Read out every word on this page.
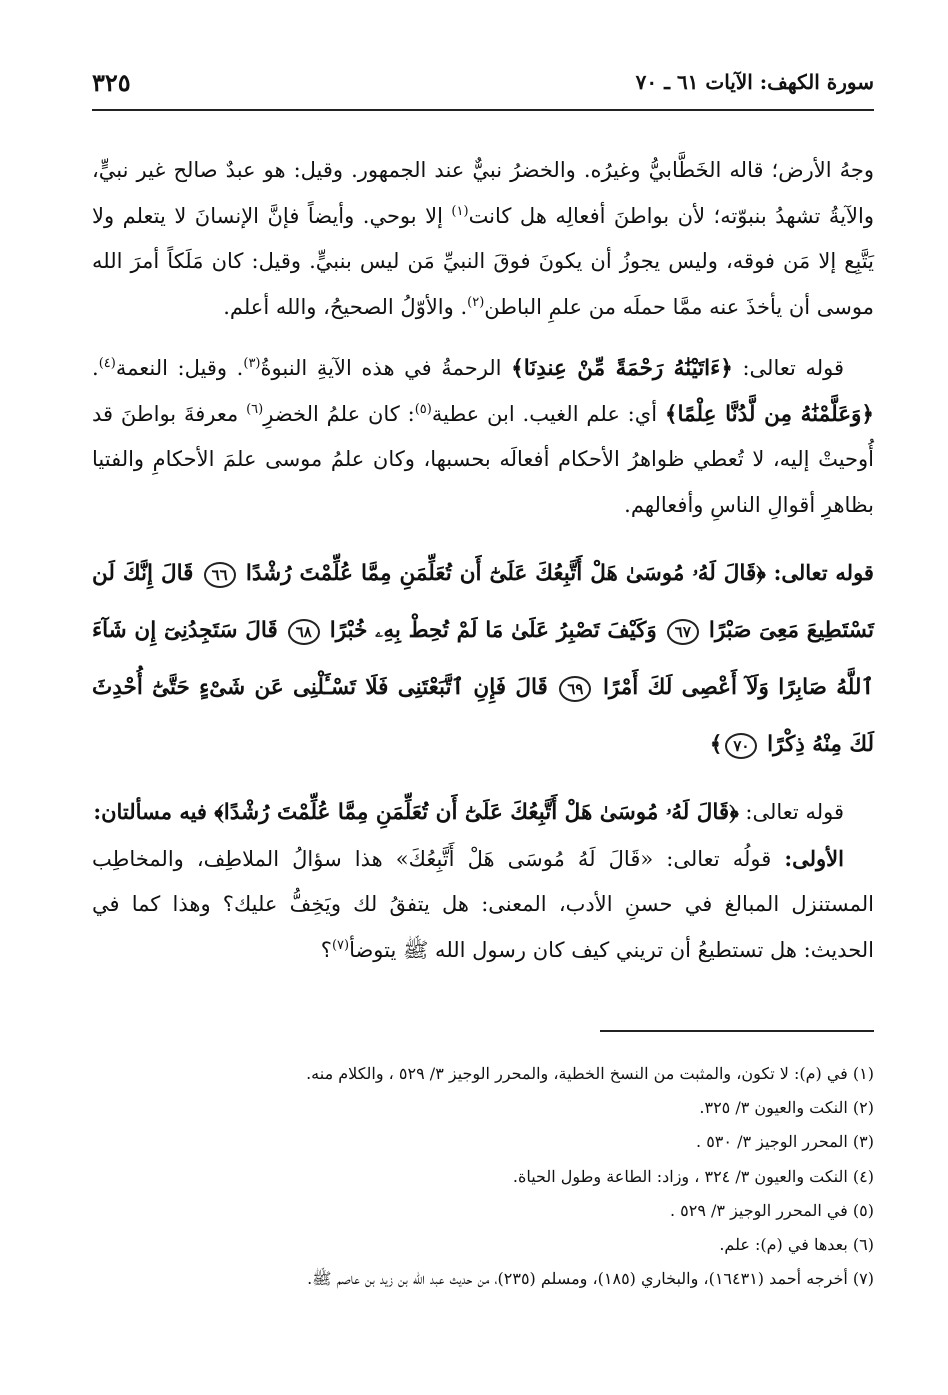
سورة الكهف: الآيات ٦١ ـ ٧٠
٣٢٥

وجهُ الأرض؛ قاله الخَطَّابيُّ وغيرُه. والخضرُ نبيٌّ عند الجمهور. وقيل: هو عبدٌ صالح غير نبيٍّ، والآيةُ تشهدُ بنبوّته؛ لأن بواطنَ أفعالِه هل كانت$^{(١)}$ إلا بوحي. وأيضاً فإنَّ الإنسانَ لا يتعلم ولا يَتَّبِع إلا مَن فوقه، وليس يجوزُ أن يكونَ فوقَ النبيِّ مَن ليس بنبيٍّ. وقيل: كان مَلَكاً أمرَ الله موسى أن يأخذَ عنه ممَّا حملَه من علمِ الباطن$^{(٢)}$. والأوّلُ الصحيحُ، والله أعلم.

قوله تعالى: ﴿ءَاتَيْنَٰهُ رَحْمَةً مِّنْ عِندِنَا﴾ الرحمةُ في هذه الآيةِ النبوةُ$^{(٣)}$. وقيل: النعمة$^{(٤)}$. ﴿وَعَلَّمْنَٰهُ مِن لَّدُنَّا عِلْمًا﴾ أي: علم الغيب. ابن عطية$^{(٥)}$: كان علمُ الخضرِ$^{(٦)}$ معرفةَ بواطنَ قد أُوحيتْ إليه، لا تُعطي ظواهرُ الأحكام أفعالَه بحسبها، وكان علمُ موسى علمَ الأحكامِ والفتيا بظاهرِ أقوالِ الناسِ وأفعالهم.

قوله تعالى: ﴿قَالَ لَهُۥ مُوسَىٰ هَلْ أَتَّبِعُكَ عَلَىٰٓ أَن تُعَلِّمَنِ مِمَّا عُلِّمْتَ رُشْدًا ٦٦ قَالَ إِنَّكَ لَن تَسْتَطِيعَ مَعِىَ صَبْرًا ٦٧ وَكَيْفَ تَصْبِرُ عَلَىٰ مَا لَمْ تُحِطْ بِهِۦ خُبْرًا ٦٨ قَالَ سَتَجِدُنِىٓ إِن شَآءَ ٱللَّهُ صَابِرًا وَلَآ أَعْصِى لَكَ أَمْرًا ٦٩ قَالَ فَإِنِ ٱتَّبَعْتَنِى فَلَا تَسْـَٔلْنِى عَن شَىْءٍ حَتَّىٰٓ أُحْدِثَ لَكَ مِنْهُ ذِكْرًا ٧٠﴾

قوله تعالى: ﴿قَالَ لَهُۥ مُوسَىٰ هَلْ أَتَّبِعُكَ عَلَىٰٓ أَن تُعَلِّمَنِ مِمَّا عُلِّمْتَ رُشْدًا﴾ فيه مسألتان:

الأولى: قولُه تعالى: «قَالَ لَهُ مُوسَى هَلْ أَتَّبِعُكَ» هذا سؤالُ الملاطِف، والمخاطِب المستنزل المبالغ في حسنِ الأدب، المعنى: هل يتفقُ لك ويَخِفُّ عليك؟ وهذا كما في الحديث: هل تستطيعُ أن تريني كيف كان رسول الله ﷺ يتوضأ$^{(٧)}$؟

(١) في (م): لا تكون، والمثبت من النسخ الخطية، والمحرر الوجيز ٣/ ٥٢٩ ، والكلام منه.

(٢) النكت والعيون ٣/ ٣٢٥.

(٣) المحرر الوجيز ٣/ ٥٣٠ .

(٤) النكت والعيون ٣/ ٣٢٤ ، وزاد: الطاعة وطول الحياة.

(٥) في المحرر الوجيز ٣/ ٥٢٩ .

(٦) بعدها في (م): علم.

(٧) أخرجه أحمد (١٦٤٣١)، والبخاري (١٨٥)، ومسلم (٢٣٥)، من حديث عبد الله بن زيد بن عاصم ﷺ.
